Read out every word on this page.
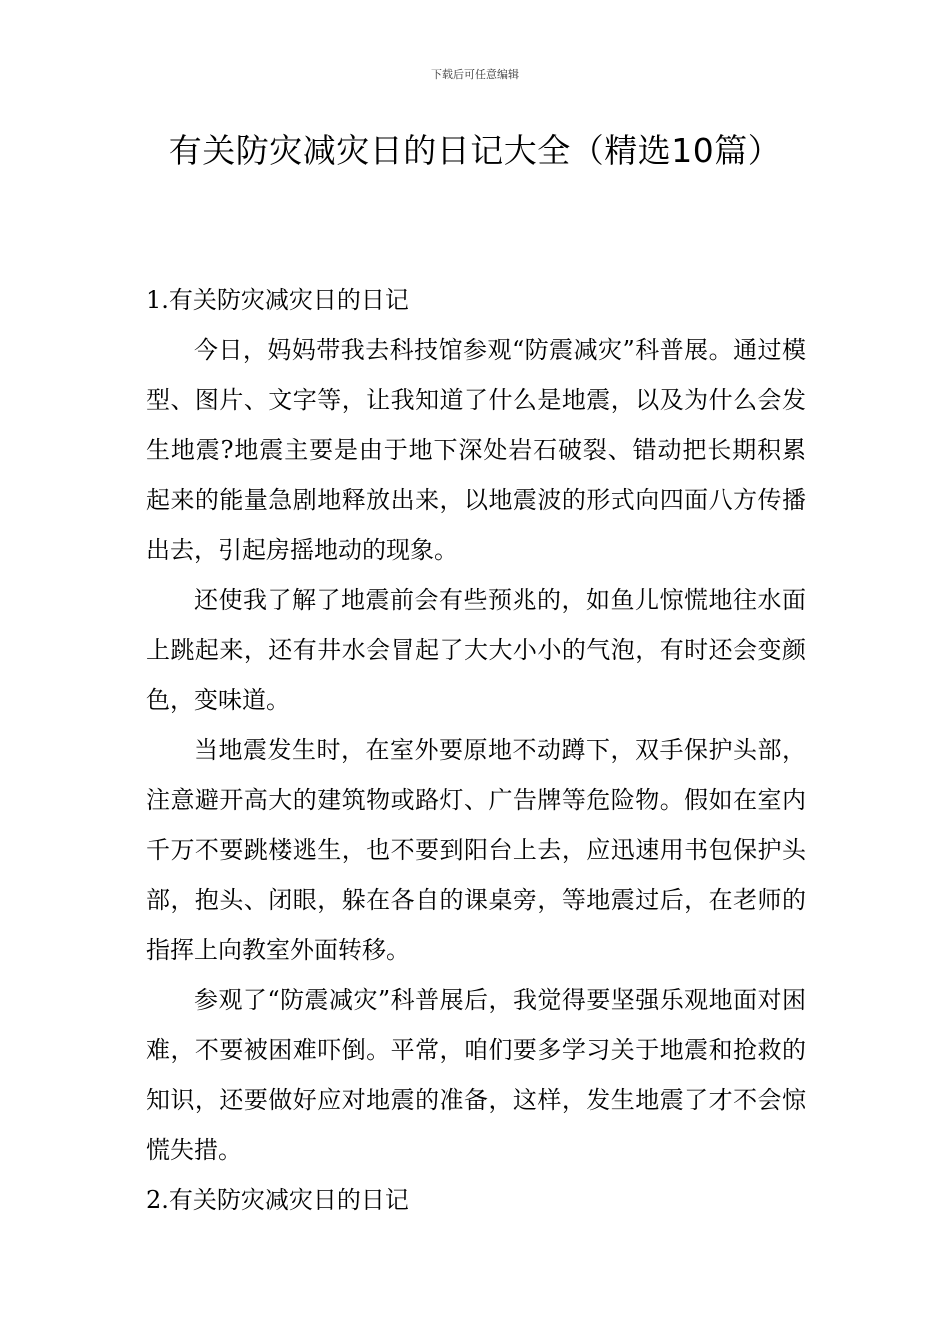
下载后可任意编辑
有关防灾减灾日的日记大全（精选10篇）

1.有关防灾减灾日的日记

今日，妈妈带我去科技馆参观“防震减灾”科普展。通过模型、图片、文字等，让我知道了什么是地震，以及为什么会发生地震?地震主要是由于地下深处岩石破裂、错动把长期积累起来的能量急剧地释放出来，以地震波的形式向四面八方传播出去，引起房摇地动的现象。

还使我了解了地震前会有些预兆的，如鱼儿惊慌地往水面上跳起来，还有井水会冒起了大大小小的气泡，有时还会变颜色，变味道。

当地震发生时，在室外要原地不动蹲下，双手保护头部，注意避开高大的建筑物或路灯、广告牌等危险物。假如在室内千万不要跳楼逃生，也不要到阳台上去，应迅速用书包保护头部，抱头、闭眼，躲在各自的课桌旁，等地震过后，在老师的指挥上向教室外面转移。

参观了“防震减灾”科普展后，我觉得要坚强乐观地面对困难，不要被困难吓倒。平常，咱们要多学习关于地震和抢救的知识，还要做好应对地震的准备，这样，发生地震了才不会惊慌失措。

2.有关防灾减灾日的日记
